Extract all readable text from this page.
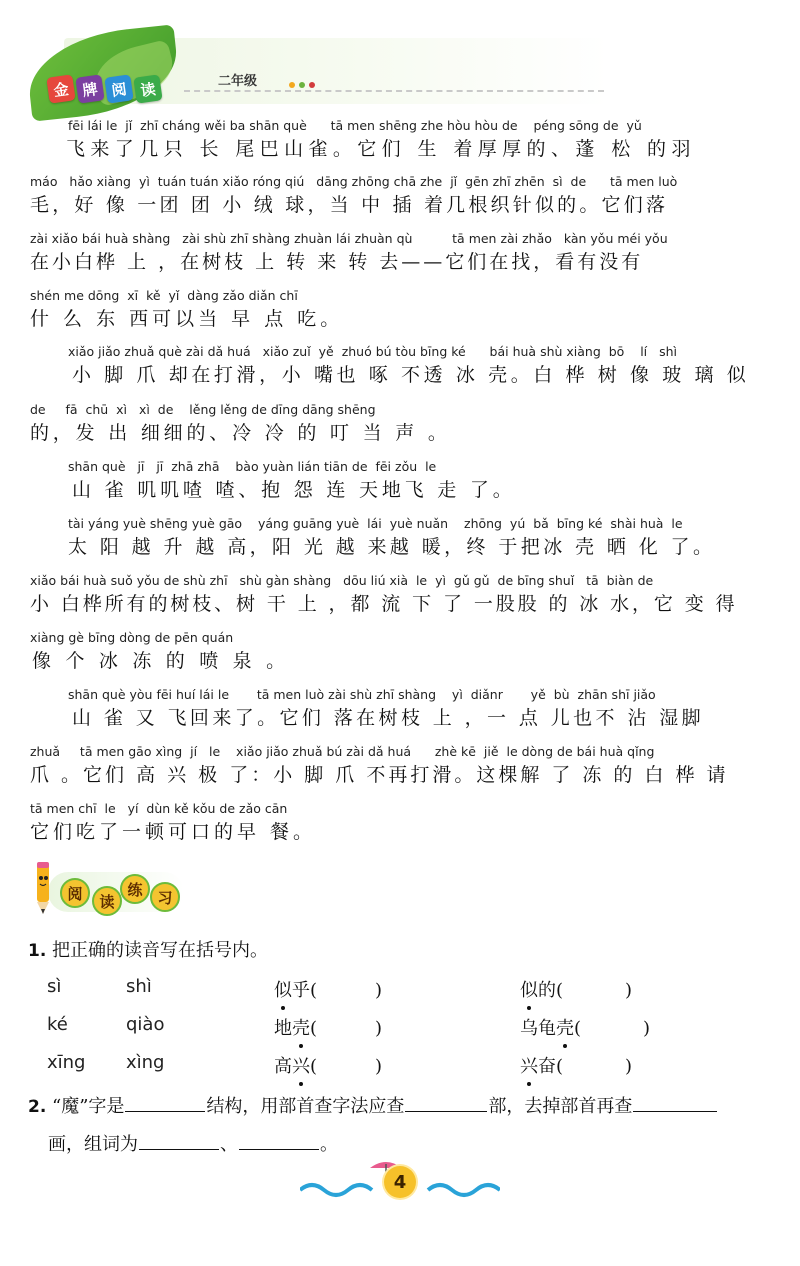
金 牌 阅 读	二年级
fēi lái le  jǐ  zhī cháng wěi ba shān què      tā men shēng zhe hòu hòu de    péng sōng de  yǔ
飞来了几只 长 尾巴山雀。它们 生 着厚厚的、蓬 松 的羽
máo   hǎo xiàng  yì  tuán tuán xiǎo róng qiú   dāng zhōng chā zhe  jǐ  gēn zhī zhēn  sì  de      tā men luò
毛，好 像 一团 团 小 绒 球，当 中 插 着几根织针似的。它们落
zài xiǎo bái huà shàng   zài shù zhī shàng zhuàn lái zhuàn qù          tā men zài zhǎo   kàn yǒu méi yǒu
在小白桦 上 ，在树枝 上 转 来 转 去——它们在找，看有没有
shén me dōng  xī  kě  yǐ  dàng zǎo diǎn chī
什 么 东 西可以当 早 点 吃。
xiǎo jiǎo zhuǎ què zài dǎ huá   xiǎo zuǐ  yě  zhuó bú tòu bīng ké      bái huà shù xiàng  bō    lí   shì
小 脚 爪 却在打滑，小 嘴也 啄 不透 冰 壳。白 桦 树 像 玻 璃 似
de     fā  chū  xì   xì  de    lěng lěng de dīng dāng shēng
的，发 出 细细的、冷 冷 的 叮 当 声 。
shān què   jī   jī  zhā zhā    bào yuàn lián tiān de  fēi zǒu  le
山 雀 叽叽喳 喳、抱 怨 连 天地飞 走 了。
tài yáng yuè shēng yuè gāo    yáng guāng yuè  lái  yuè nuǎn    zhōng  yú  bǎ  bīng ké  shài huà  le
太 阳 越 升 越 高，阳 光 越 来越 暖，终 于把冰 壳 晒 化 了。
xiǎo bái huà suǒ yǒu de shù zhī   shù gàn shàng   dōu liú xià  le  yì  gǔ gǔ  de bīng shuǐ   tā  biàn de
小 白桦所有的树枝、树 干 上 ，都 流 下 了 一股股 的 冰 水，它 变 得
xiàng gè bīng dòng de pēn quán
像 个 冰 冻 的 喷 泉 。
shān què yòu fēi huí lái le       tā men luò zài shù zhī shàng    yì  diǎnr       yě  bù  zhān shī jiǎo
山 雀 又 飞回来了。它们 落在树枝 上 ，一 点 儿也不 沾 湿脚
zhuǎ     tā men gāo xìng  jí   le    xiǎo jiǎo zhuǎ bú zài dǎ huá      zhè kē  jiě  le dòng de bái huà qǐng
爪 。它们 高 兴 极 了：小 脚 爪 不再打滑。这棵解 了 冻 的 白 桦 请
tā men chī  le   yí  dùn kě kǒu de zǎo cān
它们吃了一顿可口的早 餐。
阅	读
练 习
1. 把正确的读音写在括号内。
sì	shì	似乎(	)	似的(	)
ké	qiào	地壳(	)	乌龟壳(	)
xīng xìng	高兴(	)	兴奋(	)
2. “魔”字是	结构，用部首查字法应查	部，去掉部首再查
画，组词为	、	。
4
